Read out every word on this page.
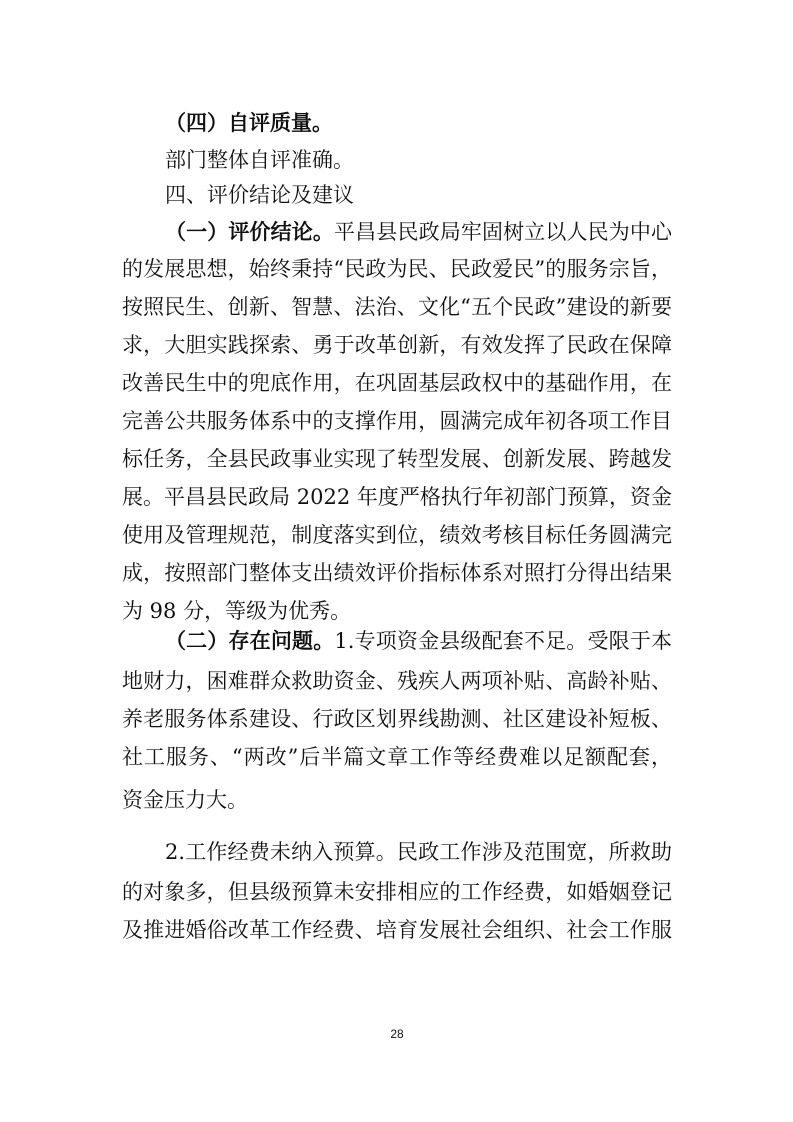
（四）自评质量。
部门整体自评准确。
四、评价结论及建议
（一）评价结论。平昌县民政局牢固树立以人民为中心
的发展思想，始终秉持“民政为民、民政爱民”的服务宗旨，
按照民生、创新、智慧、法治、文化“五个民政”建设的新要
求，大胆实践探索、勇于改革创新，有效发挥了民政在保障
改善民生中的兜底作用，在巩固基层政权中的基础作用，在
完善公共服务体系中的支撑作用，圆满完成年初各项工作目
标任务，全县民政事业实现了转型发展、创新发展、跨越发
展。平昌县民政局 2022 年度严格执行年初部门预算，资金
使用及管理规范，制度落实到位，绩效考核目标任务圆满完
成，按照部门整体支出绩效评价指标体系对照打分得出结果
为 98 分，等级为优秀。
（二）存在问题。1.专项资金县级配套不足。受限于本
地财力，困难群众救助资金、残疾人两项补贴、高龄补贴、
养老服务体系建设、行政区划界线勘测、社区建设补短板、
社工服务、“两改”后半篇文章工作等经费难以足额配套，
资金压力大。
2.工作经费未纳入预算。民政工作涉及范围宽，所救助
的对象多，但县级预算未安排相应的工作经费，如婚姻登记
及推进婚俗改革工作经费、培育发展社会组织、社会工作服
28
